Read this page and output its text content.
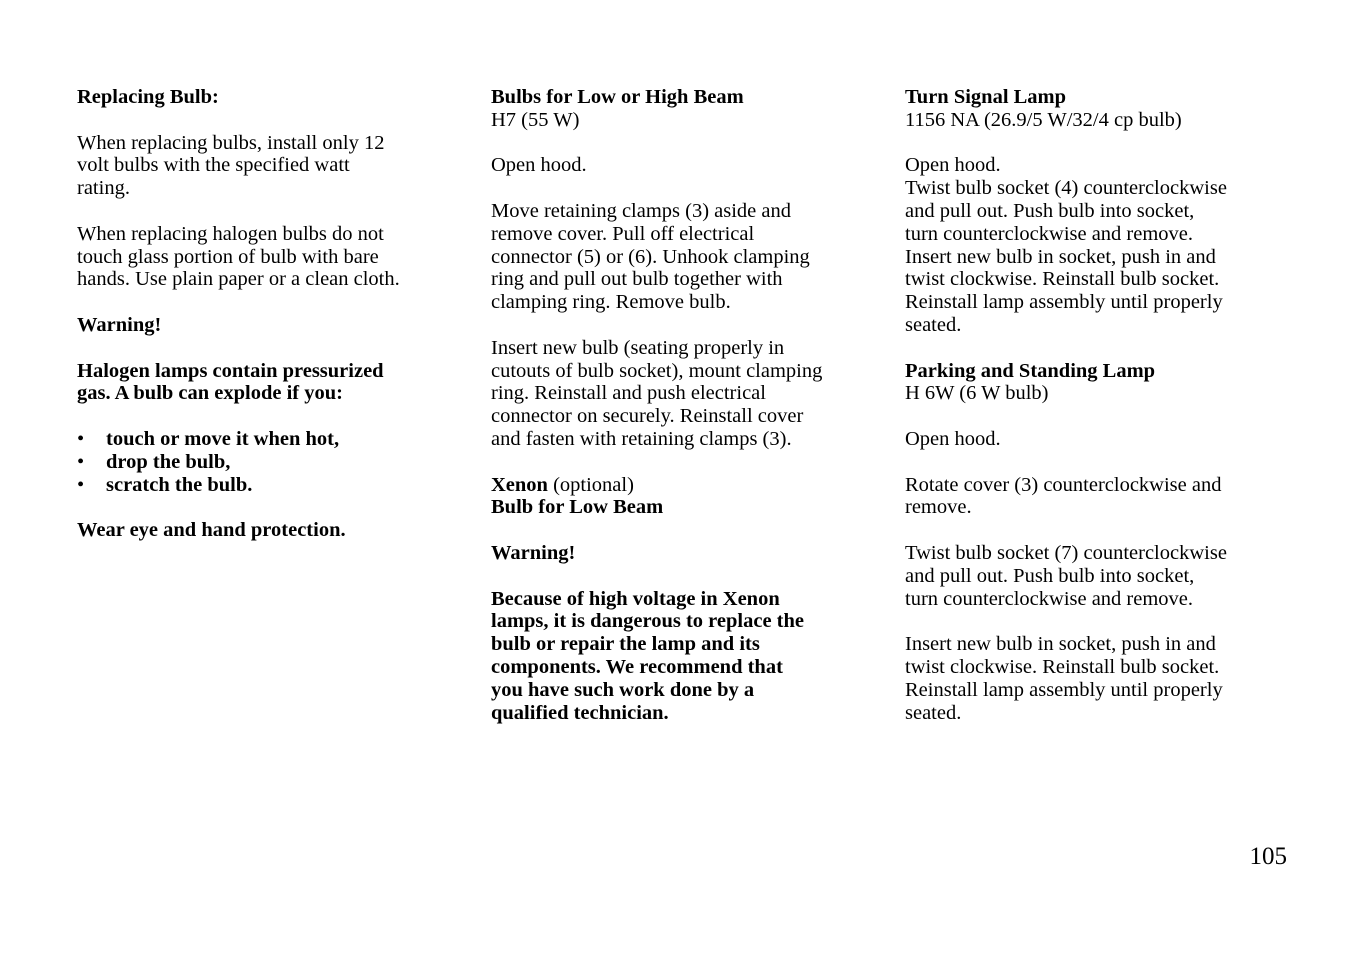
Replacing Bulb:

When replacing bulbs, install only 12
volt bulbs with the specified watt
rating.

When replacing halogen bulbs do not
touch glass portion of bulb with bare
hands. Use plain paper or a clean cloth.

Warning!

Halogen lamps contain pressurized
gas. A bulb can explode if you:

• touch or move it when hot,
• drop the bulb,
• scratch the bulb.

Wear eye and hand protection.

Bulbs for Low or High Beam

H7 (55 W)

Open hood.

Move retaining clamps (3) aside and
remove cover. Pull off electrical
connector (5) or (6). Unhook clamping
ring and pull out bulb together with
clamping ring. Remove bulb.

Insert new bulb (seating properly in
cutouts of bulb socket), mount clamping
ring. Reinstall and push electrical
connector on securely. Reinstall cover
and fasten with retaining clamps (3).

Xenon (optional)

Bulb for Low Beam

Warning!

Because of high voltage in Xenon
lamps, it is dangerous to replace the
bulb or repair the lamp and its
components. We recommend that
you have such work done by a
qualified technician.

Turn Signal Lamp

1156 NA (26.9/5 W/32/4 cp bulb)

Open hood.

Twist bulb socket (4) counterclockwise
and pull out. Push bulb into socket,
turn counterclockwise and remove.
Insert new bulb in socket, push in and
twist clockwise. Reinstall bulb socket.
Reinstall lamp assembly until properly
seated.

Parking and Standing Lamp

H 6W (6 W bulb)

Open hood.

Rotate cover (3) counterclockwise and
remove.

Twist bulb socket (7) counterclockwise
and pull out. Push bulb into socket,
turn counterclockwise and remove.

Insert new bulb in socket, push in and
twist clockwise. Reinstall bulb socket.
Reinstall lamp assembly until properly
seated.

105
